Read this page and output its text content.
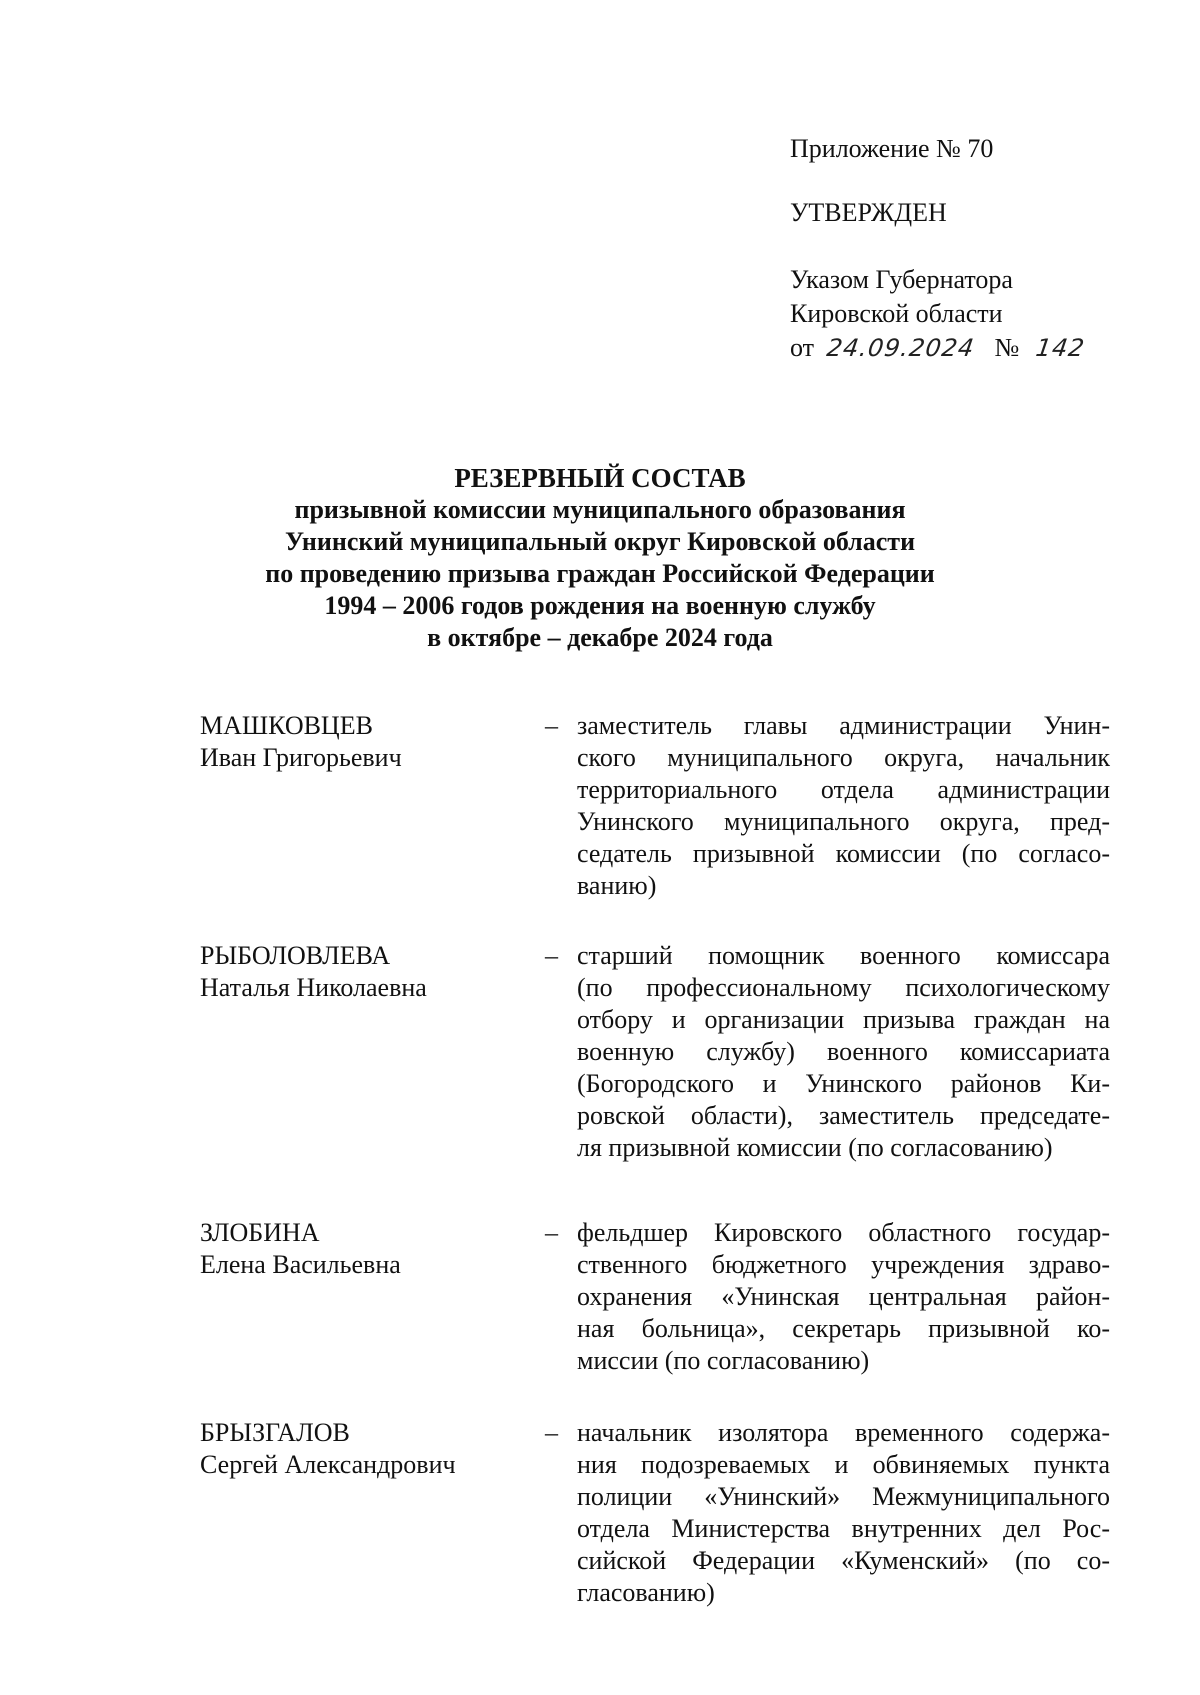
Приложение № 70
УТВЕРЖДЕН
Указом Губернатора
Кировской области
от 24.09.2024 № 142
РЕЗЕРВНЫЙ СОСТАВ
призывной комиссии муниципального образования
Унинский муниципальный округ Кировской области
по проведению призыва граждан Российской Федерации
1994 – 2006 годов рождения на военную службу
в октябре – декабре 2024 года
МАШКОВЦЕВ
Иван Григорьевич
– заместитель главы администрации Унин-
ского муниципального округа, начальник
территориального отдела администрации
Унинского муниципального округа, пред-
седатель призывной комиссии (по согласо-
ванию)
РЫБОЛОВЛЕВА
Наталья Николаевна
– старший помощник военного комиссара
(по профессиональному психологическому
отбору и организации призыва граждан на
военную службу) военного комиссариата
(Богородского и Унинского районов Ки-
ровской области), заместитель председате-
ля призывной комиссии (по согласованию)
ЗЛОБИНА
Елена Васильевна
– фельдшер Кировского областного государ-
ственного бюджетного учреждения здраво-
охранения «Унинская центральная район-
ная больница», секретарь призывной ко-
миссии (по согласованию)
БРЫЗГАЛОВ
Сергей Александрович
– начальник изолятора временного содержа-
ния подозреваемых и обвиняемых пункта
полиции «Унинский» Межмуниципального
отдела Министерства внутренних дел Рос-
сийской Федерации «Куменский» (по со-
гласованию)
